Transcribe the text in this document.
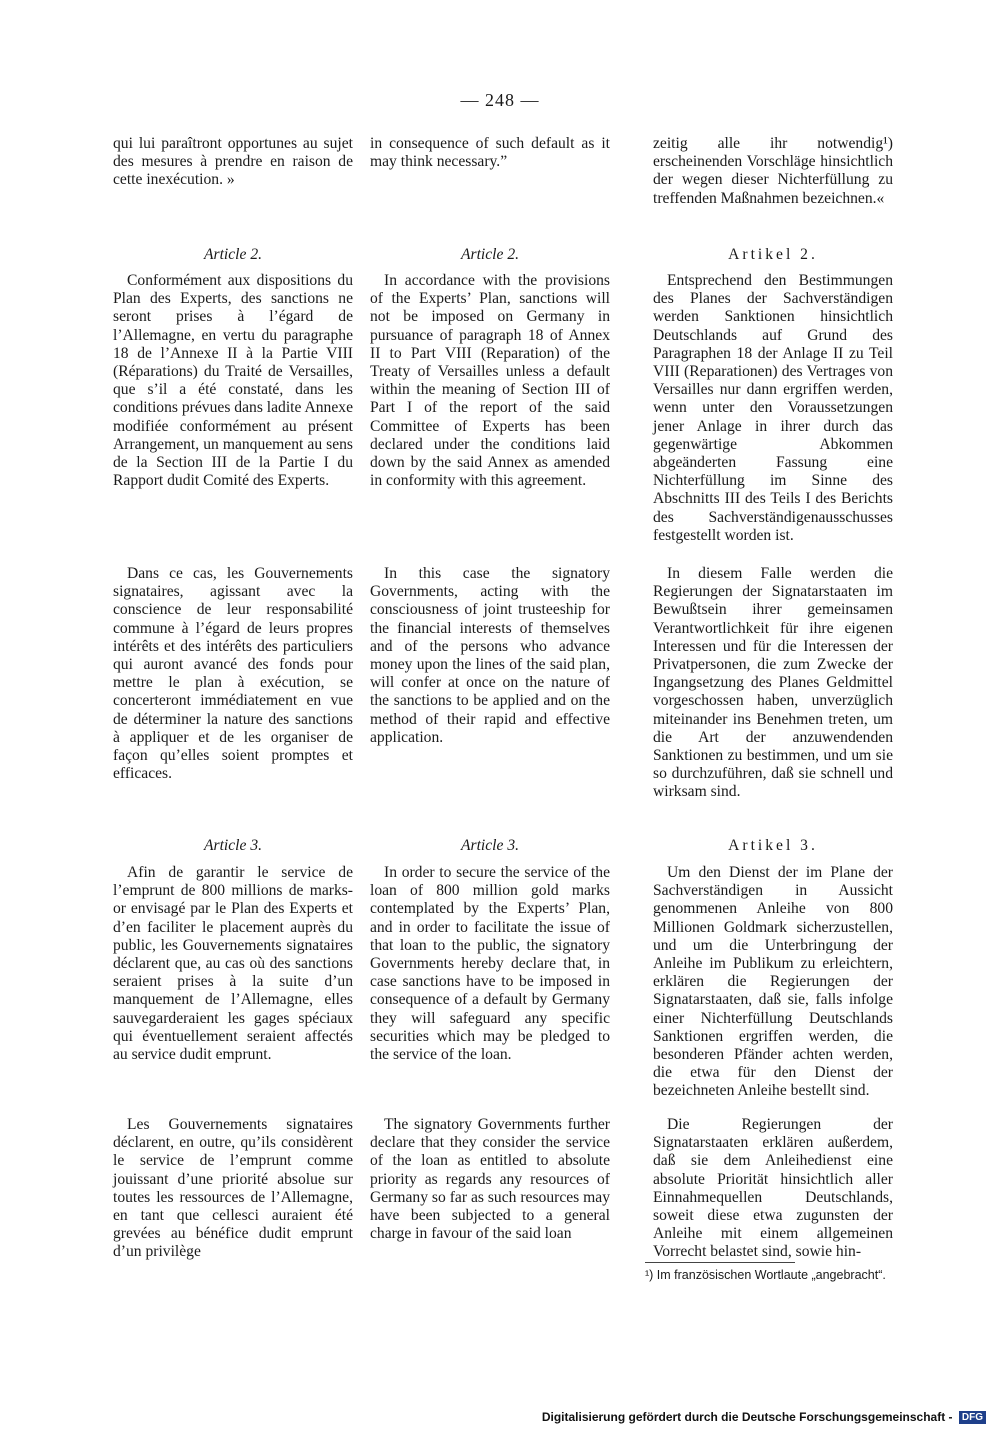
— 248 —

qui lui paraîtront opportunes au sujet des mesures à prendre en raison de cette inexécution. »

Article 2.

Conformément aux dispositions du Plan des Experts, des sanctions ne seront prises à l’égard de l’Allemagne, en vertu du paragraphe 18 de l’Annexe II à la Partie VIII (Réparations) du Traité de Versailles, que s’il a été constaté, dans les conditions prévues dans ladite Annexe modifiée conformément au présent Arrangement, un manquement au sens de la Section III de la Partie I du Rapport dudit Comité des Experts.

Dans ce cas, les Gouvernements signataires, agissant avec la conscience de leur responsabilité commune à l’égard de leurs propres intérêts et des intérêts des particuliers qui auront avancé des fonds pour mettre le plan à exécution, se concerteront immédiatement en vue de déterminer la nature des sanctions à appliquer et de les organiser de façon qu’elles soient promptes et efficaces.

Article 3.

Afin de garantir le service de l’emprunt de 800 millions de marks-or envisagé par le Plan des Experts et d’en faciliter le placement auprès du public, les Gouvernements signataires déclarent que, au cas où des sanctions seraient prises à la suite d’un manquement de l’Allemagne, elles sauvegarderaient les gages spéciaux qui éventuellement seraient affectés au service dudit emprunt.

Les Gouvernements signataires déclarent, en outre, qu’ils considèrent le service de l’emprunt comme jouissant d’une priorité absolue sur toutes les ressources de l’Allemagne, en tant que cellesci auraient été grevées au bénéfice dudit emprunt d’un privilège

in consequence of such default as it may think necessary.”

Article 2.

In accordance with the provisions of the Experts’ Plan, sanctions will not be imposed on Germany in pursuance of paragraph 18 of Annex II to Part VIII (Reparation) of the Treaty of Versailles unless a default within the meaning of Section III of Part I of the report of the said Committee of Experts has been declared under the conditions laid down by the said Annex as amended in conformity with this agreement.

In this case the signatory Governments, acting with the consciousness of joint trusteeship for the financial interests of themselves and of the persons who advance money upon the lines of the said plan, will confer at once on the nature of the sanctions to be applied and on the method of their rapid and effective application.

Article 3.

In order to secure the service of the loan of 800 million gold marks contemplated by the Experts’ Plan, and in order to facilitate the issue of that loan to the public, the signatory Governments hereby declare that, in case sanctions have to be imposed in consequence of a default by Germany they will safeguard any specific securities which may be pledged to the service of the loan.

The signatory Governments further declare that they consider the service of the loan as entitled to absolute priority as regards any resources of Germany so far as such resources may have been subjected to a general charge in favour of the said loan

zeitig alle ihr notwendig¹) erscheinenden Vorschläge hinsichtlich der wegen dieser Nichterfüllung zu treffenden Maßnahmen bezeichnen.«

Artikel 2.

Entsprechend den Bestimmungen des Planes der Sachverständigen werden Sanktionen hinsichtlich Deutschlands auf Grund des Paragraphen 18 der Anlage II zu Teil VIII (Reparationen) des Vertrages von Versailles nur dann ergriffen werden, wenn unter den Voraussetzungen jener Anlage in ihrer durch das gegenwärtige Abkommen abgeänderten Fassung eine Nichterfüllung im Sinne des Abschnitts III des Teils I des Berichts des Sachverständigenausschusses festgestellt worden ist.

In diesem Falle werden die Regierungen der Signatarstaaten im Bewußtsein ihrer gemeinsamen Verantwortlichkeit für ihre eigenen Interessen und für die Interessen der Privatpersonen, die zum Zwecke der Ingangsetzung des Planes Geldmittel vorgeschossen haben, unverzüglich miteinander ins Benehmen treten, um die Art der anzuwendenden Sanktionen zu bestimmen, und um sie so durchzuführen, daß sie schnell und wirksam sind.

Artikel 3.

Um den Dienst der im Plane der Sachverständigen in Aussicht genommenen Anleihe von 800 Millionen Goldmark sicherzustellen, und um die Unterbringung der Anleihe im Publikum zu erleichtern, erklären die Regierungen der Signatarstaaten, daß sie, falls infolge einer Nichterfüllung Deutschlands Sanktionen ergriffen werden, die besonderen Pfänder achten werden, die etwa für den Dienst der bezeichneten Anleihe bestellt sind.

Die Regierungen der Signatarstaaten erklären außerdem, daß sie dem Anleihedienst eine absolute Priorität hinsichtlich aller Einnahmequellen Deutschlands, soweit diese etwa zugunsten der Anleihe mit einem allgemeinen Vorrecht belastet sind, sowie hin-

¹) Im französischen Wortlaute „angebracht“.
Digitalisierung gefördert durch die Deutsche Forschungsgemeinschaft - DFG
